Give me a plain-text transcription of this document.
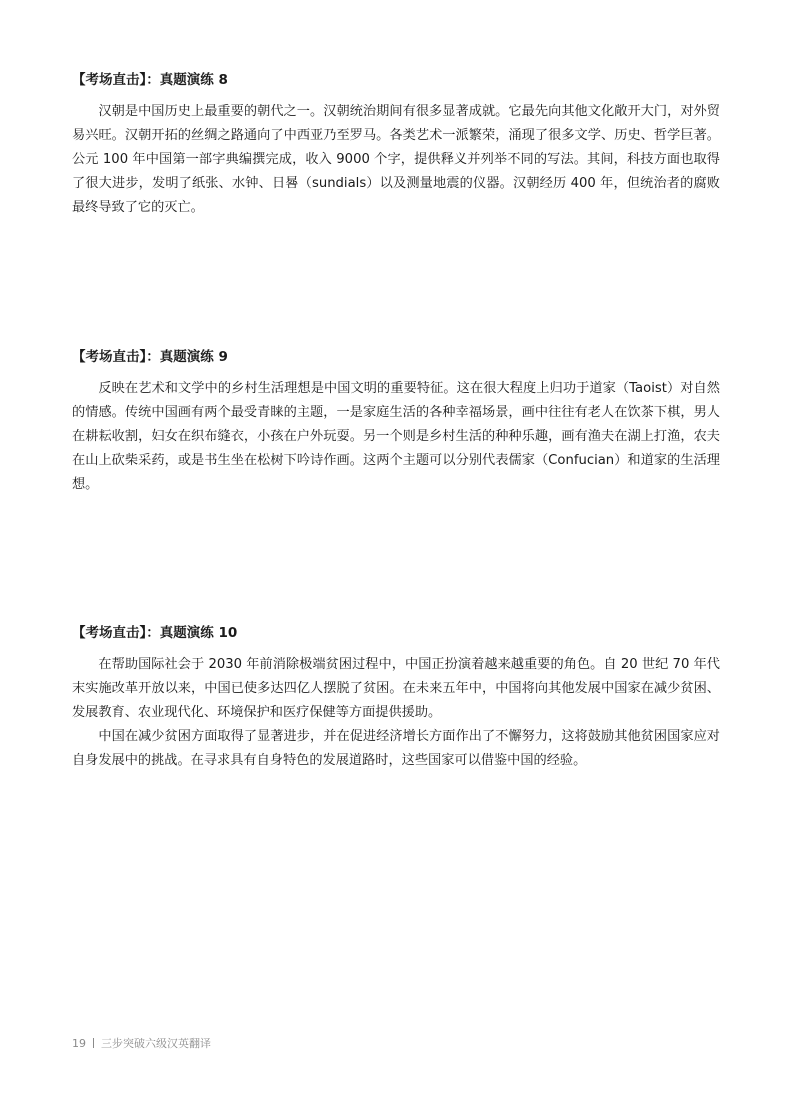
【考场直击】：真题演练 8

汉朝是中国历史上最重要的朝代之一。汉朝统治期间有很多显著成就。它最先向其他文化敞开大门，对外贸易兴旺。汉朝开拓的丝绸之路通向了中西亚乃至罗马。各类艺术一派繁荣，涌现了很多文学、历史、哲学巨著。公元 100 年中国第一部字典编撰完成，收入 9000 个字，提供释义并列举不同的写法。其间，科技方面也取得了很大进步，发明了纸张、水钟、日晷（sundials）以及测量地震的仪器。汉朝经历 400 年，但统治者的腐败最终导致了它的灭亡。

【考场直击】：真题演练 9

反映在艺术和文学中的乡村生活理想是中国文明的重要特征。这在很大程度上归功于道家（Taoist）对自然的情感。传统中国画有两个最受青睐的主题，一是家庭生活的各种幸福场景，画中往往有老人在饮茶下棋，男人在耕耘收割，妇女在织布缝衣，小孩在户外玩耍。另一个则是乡村生活的种种乐趣，画有渔夫在湖上打渔，农夫在山上砍柴采药，或是书生坐在松树下吟诗作画。这两个主题可以分别代表儒家（Confucian）和道家的生活理想。

【考场直击】：真题演练 10

在帮助国际社会于 2030 年前消除极端贫困过程中，中国正扮演着越来越重要的角色。自 20 世纪 70 年代末实施改革开放以来，中国已使多达四亿人摆脱了贫困。在未来五年中，中国将向其他发展中国家在减少贫困、发展教育、农业现代化、环境保护和医疗保健等方面提供援助。

中国在减少贫困方面取得了显著进步，并在促进经济增长方面作出了不懈努力，这将鼓励其他贫困国家应对自身发展中的挑战。在寻求具有自身特色的发展道路时，这些国家可以借鉴中国的经验。

19 三步突破六级汉英翻译
